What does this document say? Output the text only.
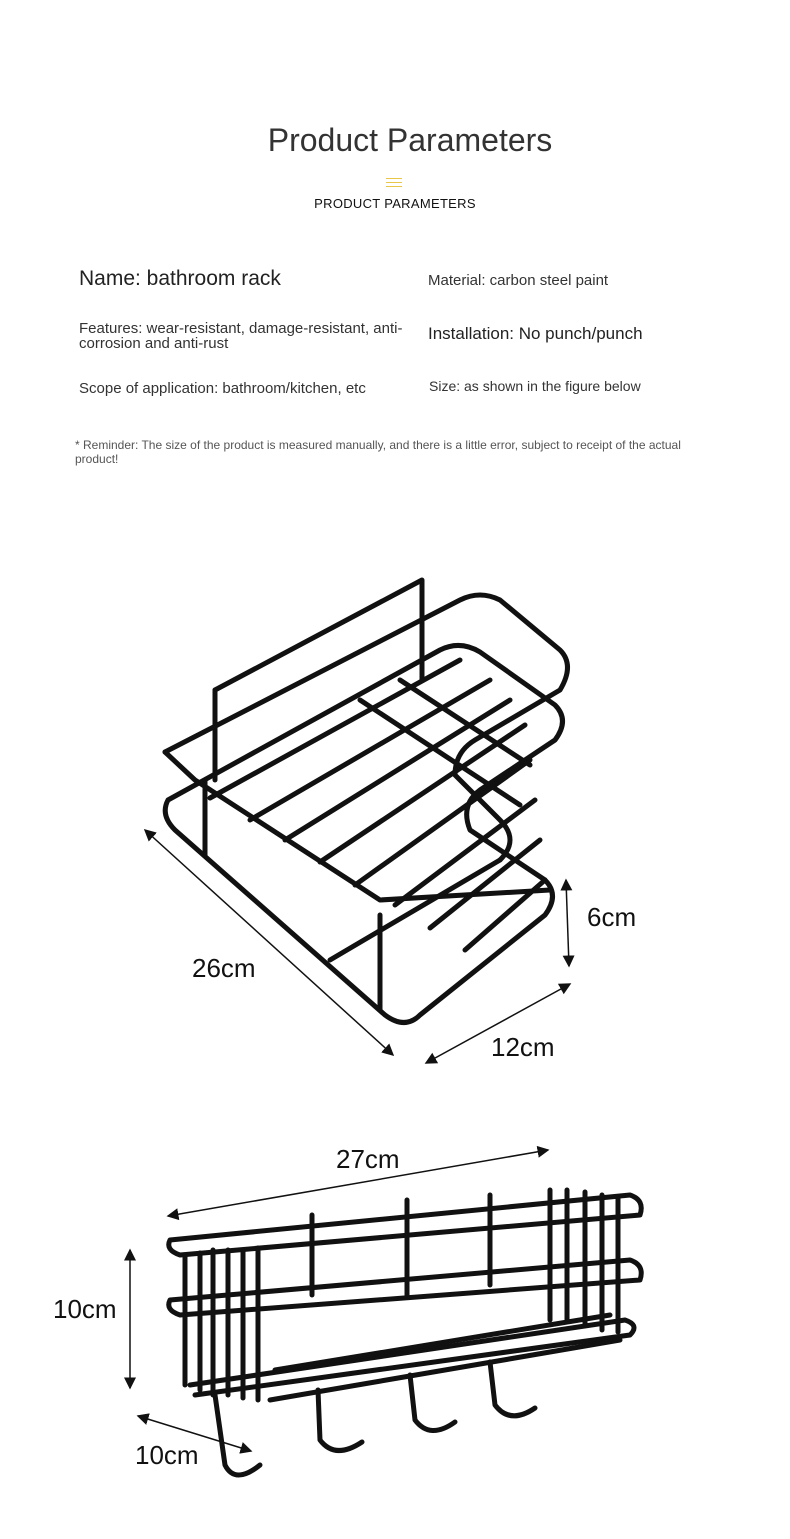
Product Parameters
PRODUCT PARAMETERS
Name: bathroom rack	Material: carbon steel paint
Features: wear-resistant, damage-resistant, anti-corrosion and anti-rust
Installation: No punch/punch
Scope of application: bathroom/kitchen, etc	Size: as shown in the figure below
* Reminder: The size of the product is measured manually, and there is a little error, subject to receipt of the actual product!
26cm
12cm
6cm
27cm
10cm
10cm
